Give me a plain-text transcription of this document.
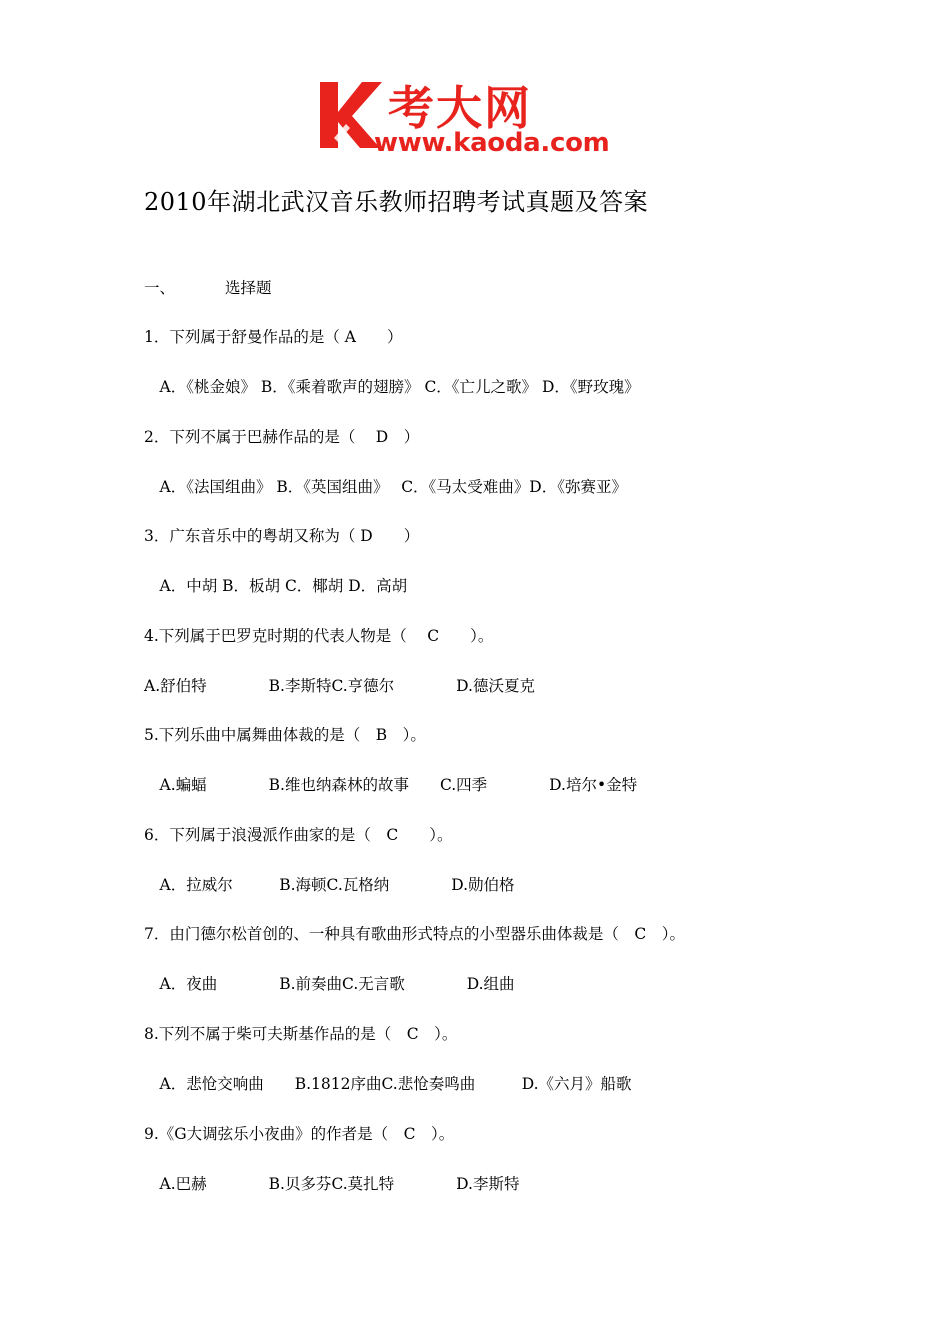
考大网
www.kaoda.com
2010年湖北武汉音乐教师招聘考试真题及答案
一、	选择题
1．下列属于舒曼作品的是（ A　　）
　A．《桃金娘》 B．《乘着歌声的翅膀》 C．《亡儿之歌》 D．《野玫瑰》
2．下列不属于巴赫作品的是（　 D　）
　A．《法国组曲》 B．《英国组曲》　 C．《马太受难曲》D．《弥赛亚》
3．广东音乐中的粤胡又称为（ D　　）
　A．中胡 B．板胡 C．椰胡 D．高胡
4.下列属于巴罗克时期的代表人物是（　 C　　）。
A.舒伯特　　　　B.李斯特C.亨德尔　　　　D.德沃夏克
5.下列乐曲中属舞曲体裁的是（　B　）。
　A.蝙蝠　　　　B.维也纳森林的故事　　C.四季　　　　D.培尔•金特
6．下列属于浪漫派作曲家的是（　C　　）。
　A．拉威尔　　　B.海顿C.瓦格纳　　　　D.勋伯格
7．由门德尔松首创的、一种具有歌曲形式特点的小型器乐曲体裁是（　C　）。
　A．夜曲　　　　B.前奏曲C.无言歌　　　　D.组曲
8.下列不属于柴可夫斯基作品的是（　C　）。
　A．悲怆交响曲　　B.1812序曲C.悲怆奏鸣曲　　　D.《六月》船歌
9.《G大调弦乐小夜曲》的作者是（　C　）。
　A.巴赫　　　　B.贝多芬C.莫扎特　　　　D.李斯特
